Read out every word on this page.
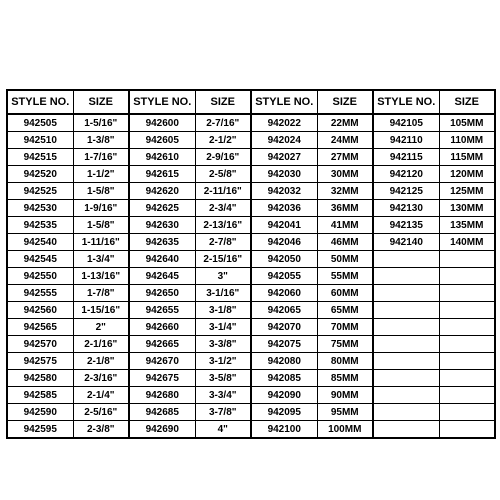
STYLE NO.	SIZE	STYLE NO.	SIZE	STYLE NO.	SIZE	STYLE NO.	SIZE
942505	1-5/16"	942600	2-7/16"	942022	22MM	942105	105MM
942510	1-3/8"	942605	2-1/2"	942024	24MM	942110	110MM
942515	1-7/16"	942610	2-9/16"	942027	27MM	942115	115MM
942520	1-1/2"	942615	2-5/8"	942030	30MM	942120	120MM
942525	1-5/8"	942620	2-11/16"	942032	32MM	942125	125MM
942530	1-9/16"	942625	2-3/4"	942036	36MM	942130	130MM
942535	1-5/8"	942630	2-13/16"	942041	41MM	942135	135MM
942540	1-11/16"	942635	2-7/8"	942046	46MM	942140	140MM
942545	1-3/4"	942640	2-15/16"	942050	50MM		
942550	1-13/16"	942645	3"	942055	55MM		
942555	1-7/8"	942650	3-1/16"	942060	60MM		
942560	1-15/16"	942655	3-1/8"	942065	65MM		
942565	2"	942660	3-1/4"	942070	70MM		
942570	2-1/16"	942665	3-3/8"	942075	75MM		
942575	2-1/8"	942670	3-1/2"	942080	80MM		
942580	2-3/16"	942675	3-5/8"	942085	85MM		
942585	2-1/4"	942680	3-3/4"	942090	90MM		
942590	2-5/16"	942685	3-7/8"	942095	95MM		
942595	2-3/8"	942690	4"	942100	100MM		
